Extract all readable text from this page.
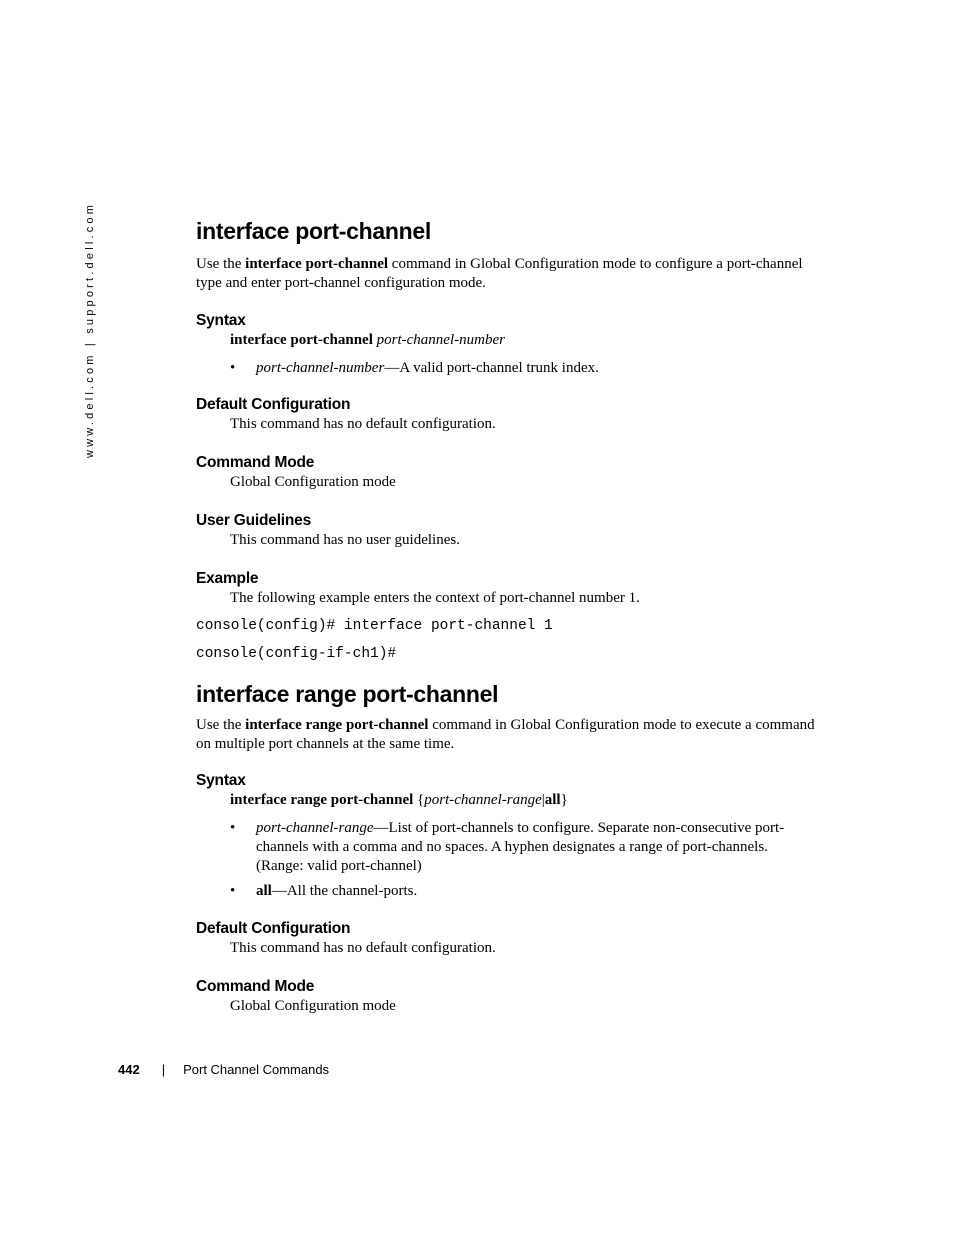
www.dell.com | support.dell.com	interface port-channel

Use the interface port-channel command in Global Configuration mode to configure a port-channel type and enter port-channel configuration mode.

Syntax

interface port-channel port-channel-number

• port-channel-number—A valid port-channel trunk index.
Default Configuration

This command has no default configuration.

Command Mode

Global Configuration mode

User Guidelines

This command has no user guidelines.

Example

The following example enters the context of port-channel number 1.

console(config)# interface port-channel 1

console(config-if-ch1)#

interface range port-channel

Use the interface range port-channel command in Global Configuration mode to execute a command on multiple port channels at the same time.

Syntax

interface range port-channel {port-channel-range|all}

• port-channel-range—List of port-channels to configure. Separate non-consecutive port-channels with a comma and no spaces. A hyphen designates a range of port-channels. (Range: valid port-channel)
• all—All the channel-ports.
Default Configuration

This command has no default configuration.

Command Mode

Global Configuration mode

442 | Port Channel Commands
